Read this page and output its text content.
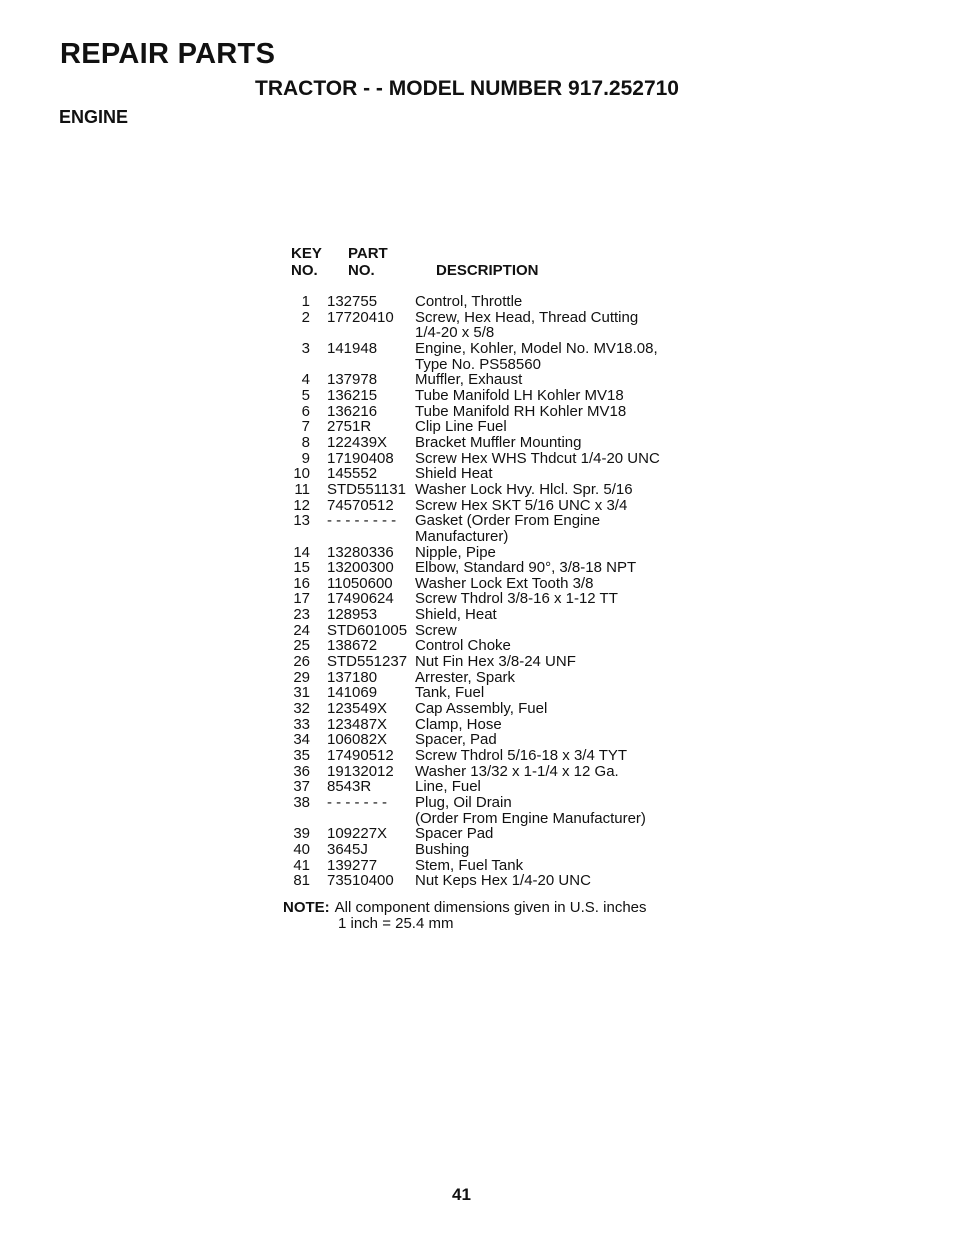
REPAIR PARTS
TRACTOR - - MODEL NUMBER 917.252710
ENGINE
KEY
NO.
PART
NO.	DESCRIPTION
1	132755	Control, Throttle
2	17720410	Screw, Hex Head, Thread Cutting
1/4-20 x 5/8
3	141948	Engine, Kohler, Model No. MV18.08,
Type No. PS58560
4	137978	Muffler, Exhaust
5	136215	Tube Manifold LH Kohler MV18
6	136216	Tube Manifold RH Kohler MV18
7	2751R	Clip Line Fuel
8	122439X	Bracket Muffler Mounting
9	17190408	Screw Hex WHS Thdcut 1/4-20 UNC
10	145552	Shield Heat
11	STD551131 Washer Lock Hvy. Hlcl. Spr. 5/16
12	74570512	Screw Hex SKT 5/16 UNC x 3/4
13	- - - - - - - -	Gasket (Order From Engine
Manufacturer)
14	13280336	Nipple, Pipe
15	13200300	Elbow, Standard 90°, 3/8-18 NPT
16	11050600	Washer Lock Ext Tooth 3/8
17	17490624	Screw Thdrol 3/8-16 x 1-12 TT
23	128953	Shield, Heat
24	STD601005 Screw
25	138672	Control Choke
26	STD551237 Nut Fin Hex 3/8-24 UNF
29	137180	Arrester, Spark
31	141069	Tank, Fuel
32	123549X	Cap Assembly, Fuel
33	123487X	Clamp, Hose
34	106082X	Spacer, Pad
35	17490512	Screw Thdrol 5/16-18 x 3/4 TYT
36	19132012	Washer 13/32 x 1-1/4 x 12 Ga.
37	8543R	Line, Fuel
38	- - - - - - -	Plug, Oil Drain
(Order From Engine Manufacturer)
39	109227X	Spacer Pad
40	3645J	Bushing
41	139277	Stem, Fuel Tank
81	73510400	Nut Keps Hex 1/4-20 UNC
NOTE: All component dimensions given in U.S. inches
1 inch = 25.4 mm
41
